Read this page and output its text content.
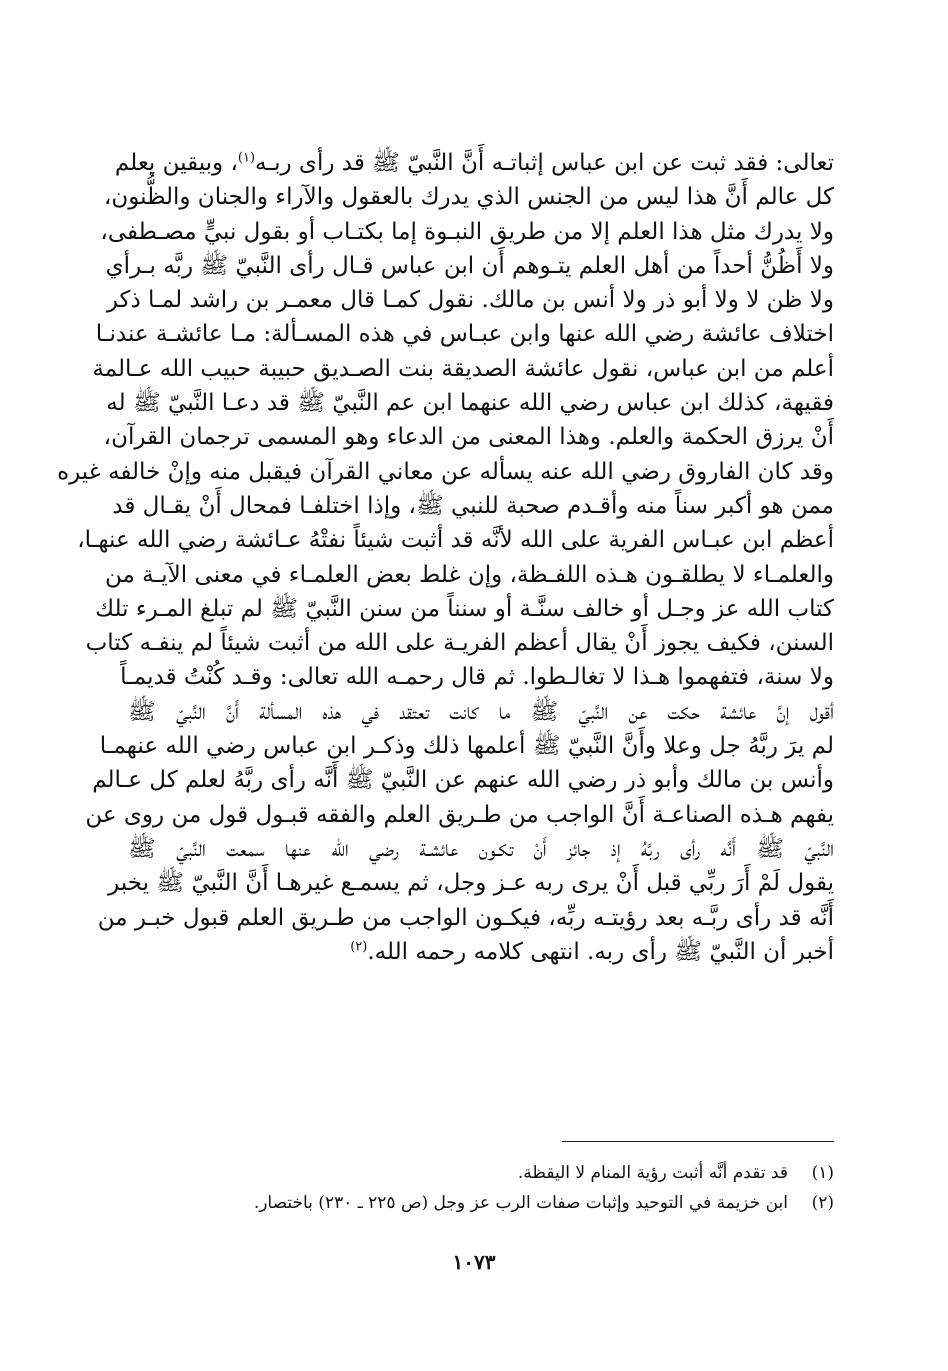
تعالى: فقد ثبت عن ابن عباس إثباتـه أَنَّ النَّبيّ ﷺ قد رأى ربـه$^{(١)}$، وبيقين يعلم
كل عالم أَنَّ هذا ليس من الجنس الذي يدرك بالعقول والآراء والجنان والظُّنون،
ولا يدرك مثل هذا العلم إلا من طريق النبـوة إما بكتـاب أو بقول نبيٍّ مصـطفى،
ولا أَظُنُّ أحداً من أهل العلم يتـوهم أَن ابن عباس قـال رأى النَّبيّ ﷺ ربَّه بـرأي
ولا ظن لا ولا أبو ذر ولا أنس بن مالك. نقول كمـا قال معمـر بن راشد لمـا ذكر
اختلاف عائشة رضي الله عنها وابن عبـاس في هذه المسـألة: مـا عائشـة عندنـا
أعلم من ابن عباس، نقول عائشة الصديقة بنت الصـديق حبيبة حبيب الله عـالمة
فقيهة، كذلك ابن عباس رضي الله عنهما ابن عم النَّبيّ ﷺ قد دعـا النَّبيّ ﷺ له
أَنْ يرزق الحكمة والعلم. وهذا المعنى من الدعاء وهو المسمى ترجمان القرآن،
وقد كان الفاروق رضي الله عنه يسأله عن معاني القرآن فيقبل منه وإنْ خالفه غيره
ممن هو أكبر سناً منه وأقـدم صحبة للنبي ﷺ، وإذا اختلفـا فمحال أَنْ يقـال قد
أعظم ابن عبـاس الفرية على الله لأنَّه قد أثبت شيئاً نفتْهُ عـائشة رضي الله عنهـا،
والعلمـاء لا يطلقـون هـذه اللفـظة، وإن غلط بعض العلمـاء في معنى الآيـة من
كتاب الله عز وجـل أو خالف سنَّـة أو سنناً من سنن النَّبيّ ﷺ لم تبلغ المـرء تلك
السنن، فكيف يجوز أَنْ يقال أعظم الفريـة على الله من أثبت شيئاً لم ينفـه كتاب
ولا سنة، فتفهموا هـذا لا تغالـطوا. ثم قال رحمـه الله تعالى: وقـد كُنْتُ قديمـاً
أقول إنَّ عائشة حكت عن النَّبيّ ﷺ ما كانت تعتقد في هذه المسألة أَنَّ النَّبيّ ﷺ
لم يرَ ربَّهُ جل وعلا وأَنَّ النَّبيّ ﷺ أعلمها ذلك وذكـر ابن عباس رضي الله عنهمـا
وأنس بن مالك وأبو ذر رضي الله عنهم عن النَّبيّ ﷺ أَنَّه رأى ربَّهُ لعلم كل عـالم
يفهم هـذه الصناعـة أَنَّ الواجب من طـريق العلم والفقه قبـول قول من روى عن
النَّبيّ ﷺ أَنَّه رأى ربَّهُ إذ جائز أَنْ تكـون عائشـة رضي الله عنها سمعت النَّبيّ ﷺ
يقول لَمْ أَرَ ربِّي قبل أَنْ يرى ربه عـز وجل، ثم يسمـع غيرهـا أَنَّ النَّبيّ ﷺ يخبر
أَنَّه قد رأى ربَّـه بعد رؤيتـه ربِّه، فيكـون الواجب من طـريق العلم قبول خبـر من
أخبر أن النَّبيّ ﷺ رأى ربه. انتهى كلامه رحمه الله.$^{(٢)}$
(١)
قد تقدم أنَّه أثبت رؤية المنام لا اليقظة.
(٢)
ابن خزيمة في التوحيد وإثبات صفات الرب عز وجل (ص ٢٢٥ ـ ٢٣٠) باختصار.
١٠٧٣
